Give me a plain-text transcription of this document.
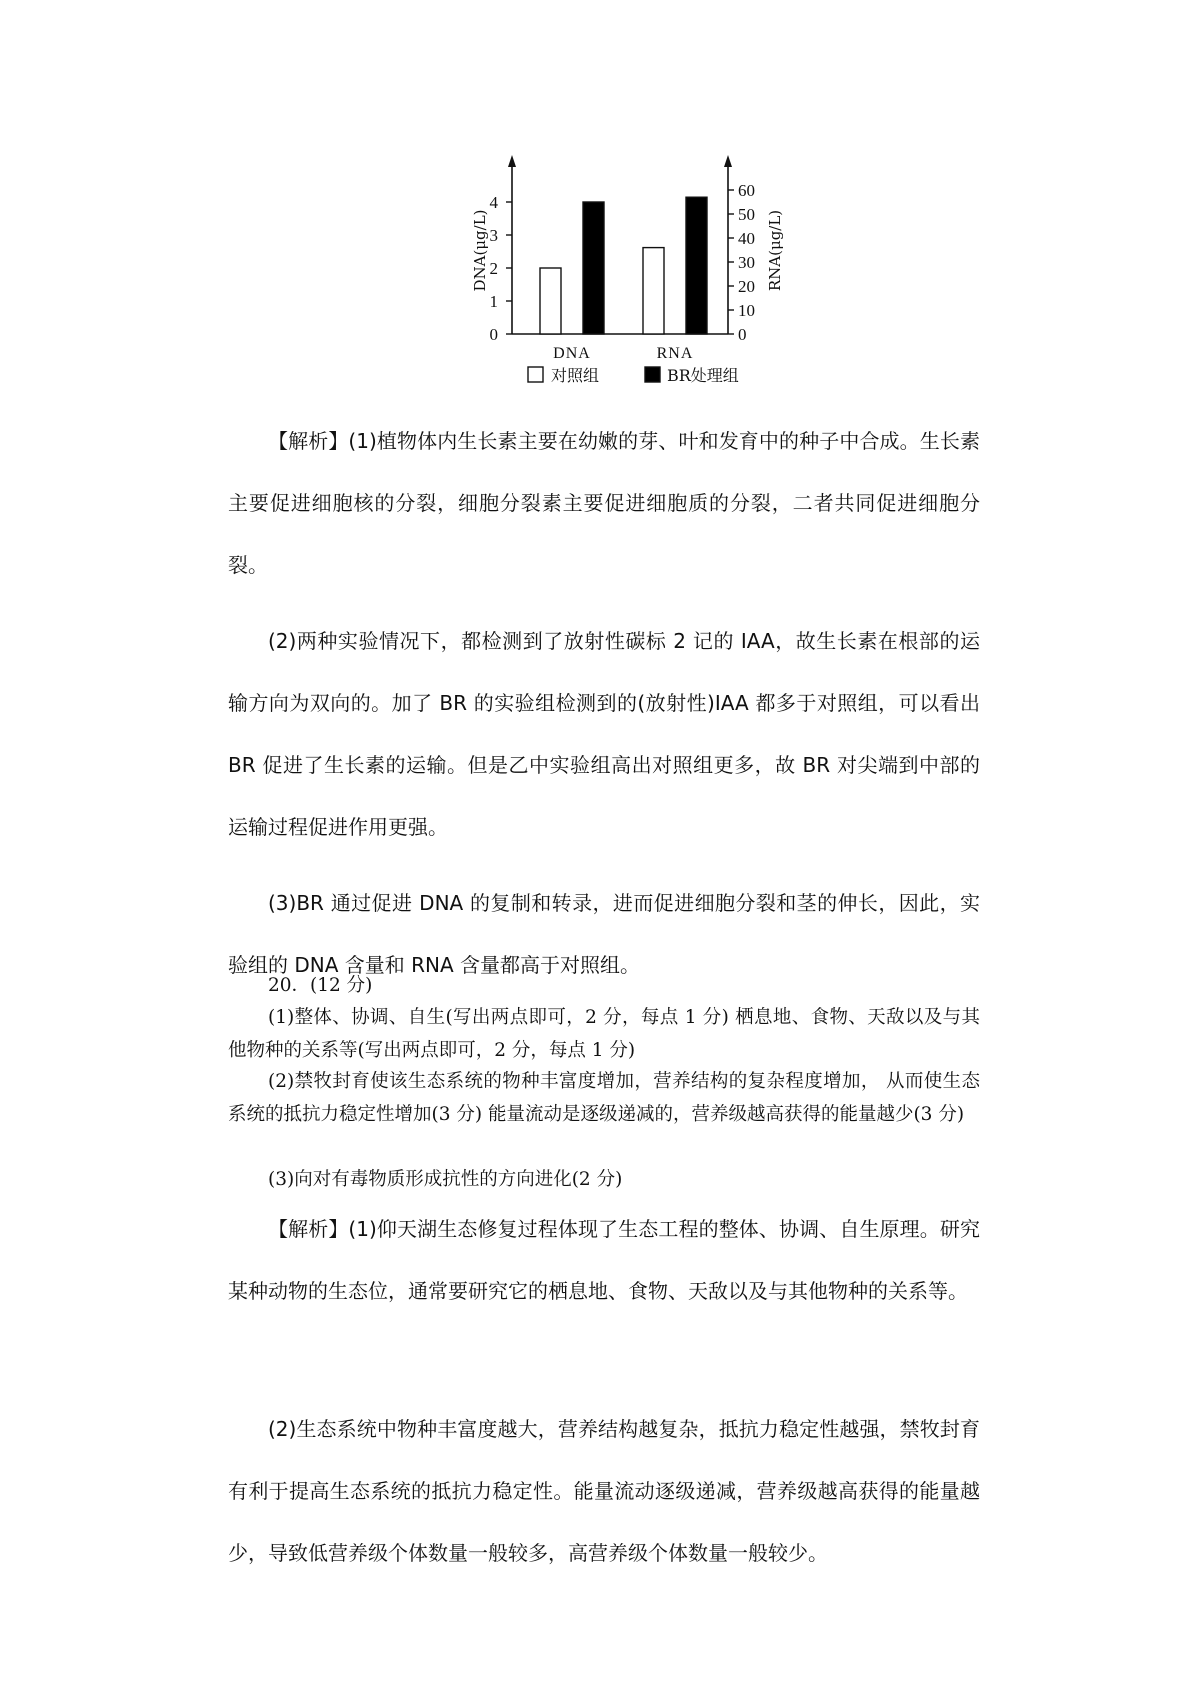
0
1
2
3
4
0
10
20
30
40
50
60
DNA(μg/L)	RNA(μg/L)
DNA	RNA
对照组	BR处理组

【解析】(1)植物体内生长素主要在幼嫩的芽、叶和发育中的种子中合成。生长素主要促进细胞核的分裂，细胞分裂素主要促进细胞质的分裂，二者共同促进细胞分裂。

(2)两种实验情况下，都检测到了放射性碳标 2 记的 IAA，故生长素在根部的运输方向为双向的。加了 BR 的实验组检测到的(放射性)IAA 都多于对照组，可以看出 BR 促进了生长素的运输。但是乙中实验组高出对照组更多，故 BR 对尖端到中部的运输过程促进作用更强。

(3)BR 通过促进 DNA 的复制和转录，进而促进细胞分裂和茎的伸长，因此，实验组的 DNA 含量和 RNA 含量都高于对照组。

20．(12 分)

(1)整体、协调、自生(写出两点即可，2 分，每点 1 分) 栖息地、食物、天敌以及与其他物种的关系等(写出两点即可，2 分，每点 1 分)

(2)禁牧封育使该生态系统的物种丰富度增加，营养结构的复杂程度增加， 从而使生态系统的抵抗力稳定性增加(3 分) 能量流动是逐级递减的，营养级越高获得的能量越少(3 分)

(3)向对有毒物质形成抗性的方向进化(2 分)

【解析】(1)仰天湖生态修复过程体现了生态工程的整体、协调、自生原理。研究某种动物的生态位，通常要研究它的栖息地、食物、天敌以及与其他物种的关系等。

(2)生态系统中物种丰富度越大，营养结构越复杂，抵抗力稳定性越强，禁牧封育有利于提高生态系统的抵抗力稳定性。能量流动逐级递减，营养级越高获得的能量越少，导致低营养级个体数量一般较多，高营养级个体数量一般较少。
